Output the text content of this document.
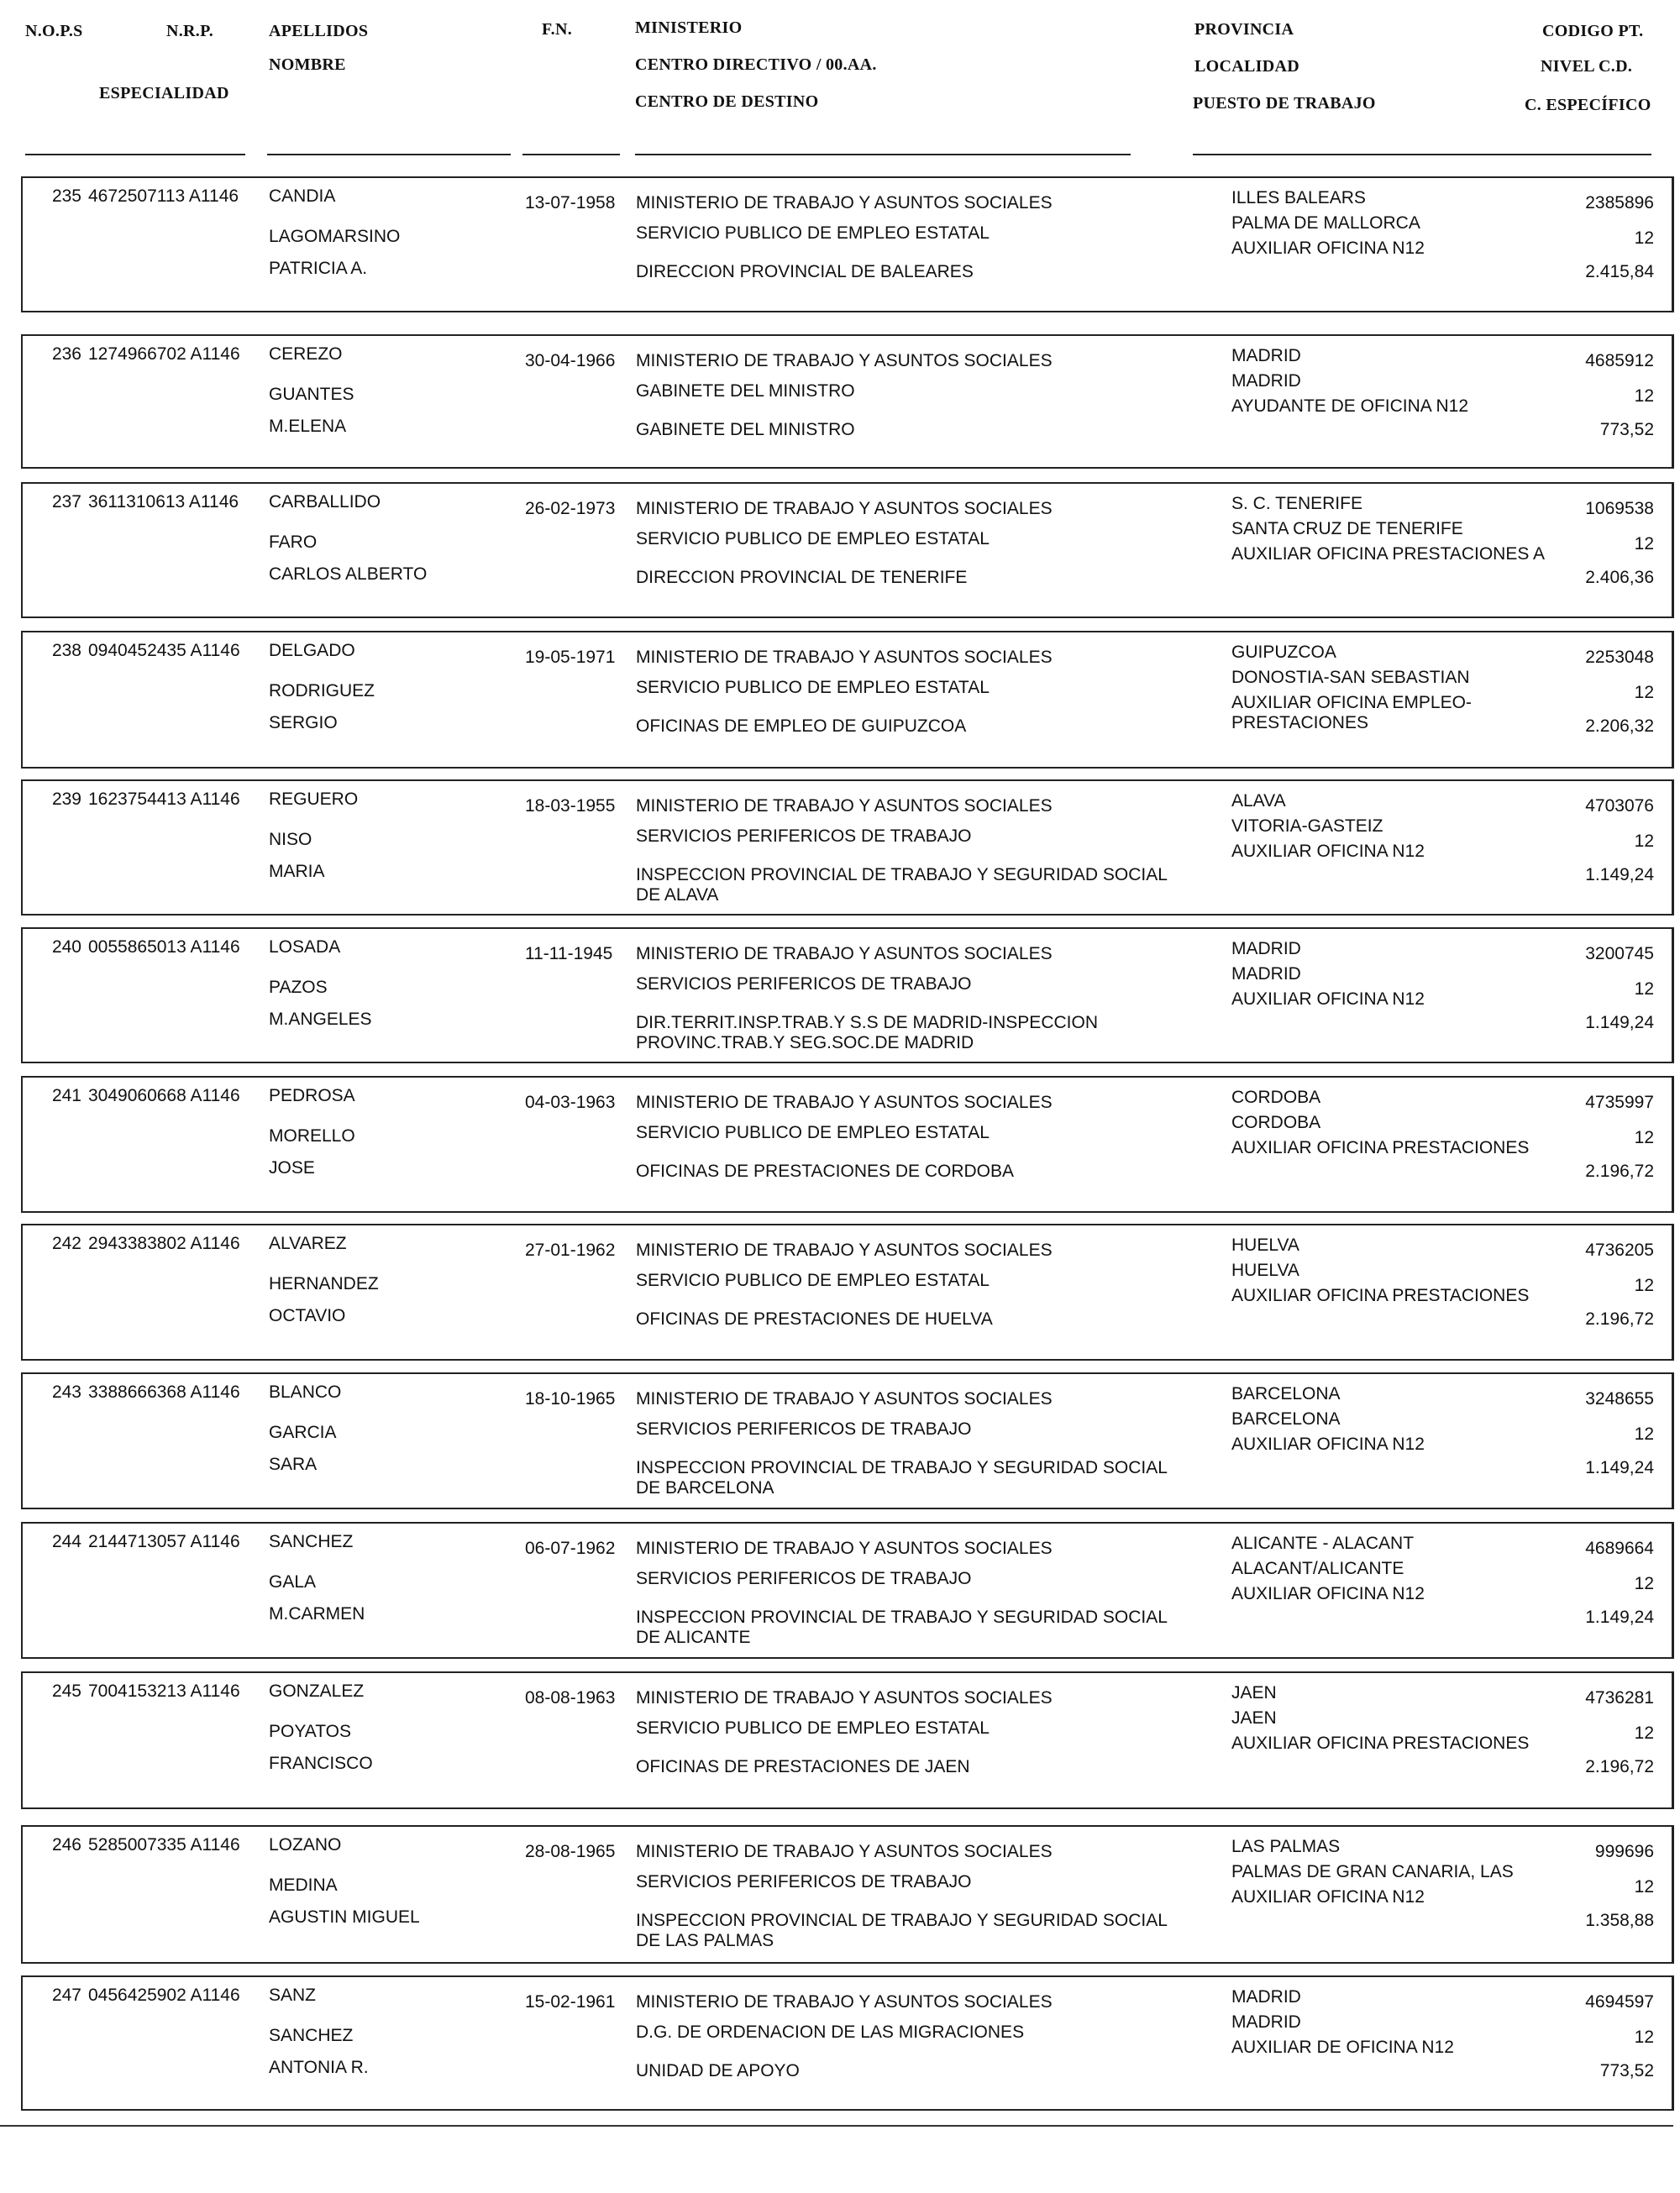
N.O.P.S	N.R.P.
ESPECIALIDAD
APELLIDOS
NOMBRE
F.N.	MINISTERIO
CENTRO DIRECTIVO / 00.AA.
CENTRO DE DESTINO
PROVINCIA
LOCALIDAD
PUESTO DE TRABAJO
CODIGO PT.
NIVEL C.D.
C. ESPECÍFICO
235 4672507113 A1146 CANDIA
LAGOMARSINO
PATRICIA A.
13-07-1958 MINISTERIO DE TRABAJO Y ASUNTOS SOCIALES
SERVICIO PUBLICO DE EMPLEO ESTATAL
DIRECCION PROVINCIAL DE BALEARES
ILLES BALEARS
PALMA DE MALLORCA
AUXILIAR OFICINA N12
2385896
12
2.415,84
236 1274966702 A1146 CEREZO
GUANTES
M.ELENA
30-04-1966 MINISTERIO DE TRABAJO Y ASUNTOS SOCIALES
GABINETE DEL MINISTRO
GABINETE DEL MINISTRO
MADRID
MADRID
AYUDANTE DE OFICINA N12
4685912
12
773,52
237 3611310613 A1146 CARBALLIDO
FARO
CARLOS ALBERTO
26-02-1973 MINISTERIO DE TRABAJO Y ASUNTOS SOCIALES
SERVICIO PUBLICO DE EMPLEO ESTATAL
DIRECCION PROVINCIAL DE TENERIFE
S. C. TENERIFE
SANTA CRUZ DE TENERIFE
AUXILIAR OFICINA PRESTACIONES A
1069538
12
2.406,36
238 0940452435 A1146 DELGADO
RODRIGUEZ
SERGIO
19-05-1971 MINISTERIO DE TRABAJO Y ASUNTOS SOCIALES
SERVICIO PUBLICO DE EMPLEO ESTATAL
OFICINAS DE EMPLEO DE GUIPUZCOA
GUIPUZCOA
DONOSTIA-SAN SEBASTIAN
AUXILIAR OFICINA EMPLEO-
PRESTACIONES
2253048
12
2.206,32
239 1623754413 A1146 REGUERO
NISO
MARIA
18-03-1955 MINISTERIO DE TRABAJO Y ASUNTOS SOCIALES
SERVICIOS PERIFERICOS DE TRABAJO
INSPECCION PROVINCIAL DE TRABAJO Y SEGURIDAD SOCIAL
DE ALAVA
ALAVA
VITORIA-GASTEIZ
AUXILIAR OFICINA N12
4703076
12
1.149,24
240 0055865013 A1146 LOSADA
PAZOS
M.ANGELES
11-11-1945 MINISTERIO DE TRABAJO Y ASUNTOS SOCIALES
SERVICIOS PERIFERICOS DE TRABAJO
DIR.TERRIT.INSP.TRAB.Y S.S DE MADRID-INSPECCION
PROVINC.TRAB.Y SEG.SOC.DE MADRID
MADRID
MADRID
AUXILIAR OFICINA N12
3200745
12
1.149,24
241 3049060668 A1146 PEDROSA
MORELLO
JOSE
04-03-1963 MINISTERIO DE TRABAJO Y ASUNTOS SOCIALES
SERVICIO PUBLICO DE EMPLEO ESTATAL
OFICINAS DE PRESTACIONES DE CORDOBA
CORDOBA
CORDOBA
AUXILIAR OFICINA PRESTACIONES
4735997
12
2.196,72
242 2943383802 A1146 ALVAREZ
HERNANDEZ
OCTAVIO
27-01-1962 MINISTERIO DE TRABAJO Y ASUNTOS SOCIALES
SERVICIO PUBLICO DE EMPLEO ESTATAL
OFICINAS DE PRESTACIONES DE HUELVA
HUELVA
HUELVA
AUXILIAR OFICINA PRESTACIONES
4736205
12
2.196,72
243 3388666368 A1146 BLANCO
GARCIA
SARA
18-10-1965 MINISTERIO DE TRABAJO Y ASUNTOS SOCIALES
SERVICIOS PERIFERICOS DE TRABAJO
INSPECCION PROVINCIAL DE TRABAJO Y SEGURIDAD SOCIAL
DE BARCELONA
BARCELONA
BARCELONA
AUXILIAR OFICINA N12
3248655
12
1.149,24
244 2144713057 A1146 SANCHEZ
GALA
M.CARMEN
06-07-1962 MINISTERIO DE TRABAJO Y ASUNTOS SOCIALES
SERVICIOS PERIFERICOS DE TRABAJO
INSPECCION PROVINCIAL DE TRABAJO Y SEGURIDAD SOCIAL
DE ALICANTE
ALICANTE - ALACANT
ALACANT/ALICANTE
AUXILIAR OFICINA N12
4689664
12
1.149,24
245 7004153213 A1146 GONZALEZ
POYATOS
FRANCISCO
08-08-1963 MINISTERIO DE TRABAJO Y ASUNTOS SOCIALES
SERVICIO PUBLICO DE EMPLEO ESTATAL
OFICINAS DE PRESTACIONES DE JAEN
JAEN
JAEN
AUXILIAR OFICINA PRESTACIONES
4736281
12
2.196,72
246 5285007335 A1146 LOZANO
MEDINA
AGUSTIN MIGUEL
28-08-1965 MINISTERIO DE TRABAJO Y ASUNTOS SOCIALES
SERVICIOS PERIFERICOS DE TRABAJO
INSPECCION PROVINCIAL DE TRABAJO Y SEGURIDAD SOCIAL
DE LAS PALMAS
LAS PALMAS
PALMAS DE GRAN CANARIA, LAS
AUXILIAR OFICINA N12
999696
12
1.358,88
247 0456425902 A1146 SANZ
SANCHEZ
ANTONIA R.
15-02-1961 MINISTERIO DE TRABAJO Y ASUNTOS SOCIALES
D.G. DE ORDENACION DE LAS MIGRACIONES
UNIDAD DE APOYO
MADRID
MADRID
AUXILIAR DE OFICINA N12
4694597
12
773,52
